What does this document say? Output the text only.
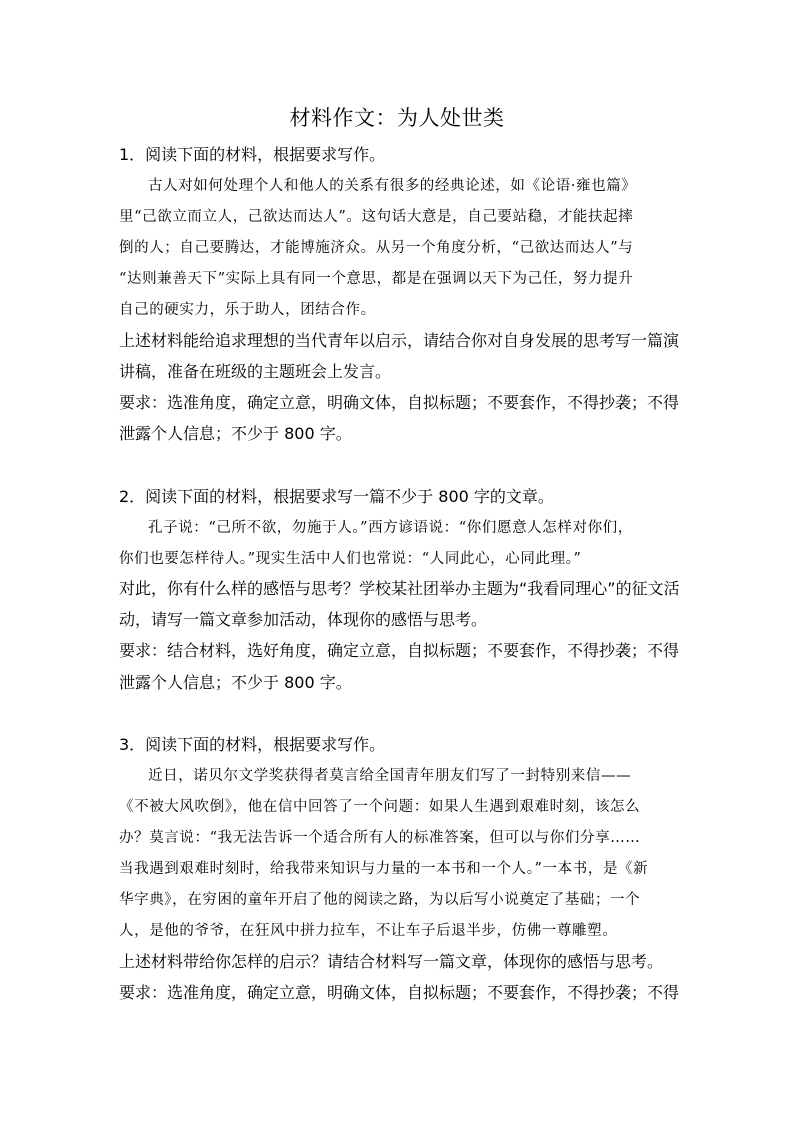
材料作文：为人处世类
1．阅读下面的材料，根据要求写作。
古人对如何处理个人和他人的关系有很多的经典论述，如《论语·雍也篇》
里“己欲立而立人，己欲达而达人”。这句话大意是，自己要站稳，才能扶起摔
倒的人；自己要腾达，才能博施济众。从另一个角度分析，“己欲达而达人”与
“达则兼善天下”实际上具有同一个意思，都是在强调以天下为己任，努力提升
自己的硬实力，乐于助人，团结合作。
上述材料能给追求理想的当代青年以启示，请结合你对自身发展的思考写一篇演
讲稿，准备在班级的主题班会上发言。
要求：选准角度，确定立意，明确文体，自拟标题；不要套作，不得抄袭；不得
泄露个人信息；不少于 800 字。
2．阅读下面的材料，根据要求写一篇不少于 800 字的文章。
孔子说：“己所不欲，勿施于人。”西方谚语说：“你们愿意人怎样对你们，
你们也要怎样待人。”现实生活中人们也常说：“人同此心，心同此理。”
对此，你有什么样的感悟与思考？学校某社团举办主题为“我看同理心”的征文活
动，请写一篇文章参加活动，体现你的感悟与思考。
要求：结合材料，选好角度，确定立意，自拟标题；不要套作，不得抄袭；不得
泄露个人信息；不少于 800 字。
3．阅读下面的材料，根据要求写作。
近日，诺贝尔文学奖获得者莫言给全国青年朋友们写了一封特别来信——
《不被大风吹倒》，他在信中回答了一个问题：如果人生遇到艰难时刻，该怎么
办？莫言说：“我无法告诉一个适合所有人的标准答案，但可以与你们分享……
当我遇到艰难时刻时，给我带来知识与力量的一本书和一个人。”一本书，是《新
华字典》，在穷困的童年开启了他的阅读之路，为以后写小说奠定了基础；一个
人，是他的爷爷，在狂风中拼力拉车，不让车子后退半步，仿佛一尊雕塑。
上述材料带给你怎样的启示？请结合材料写一篇文章，体现你的感悟与思考。
要求：选准角度，确定立意，明确文体，自拟标题；不要套作，不得抄袭；不得
